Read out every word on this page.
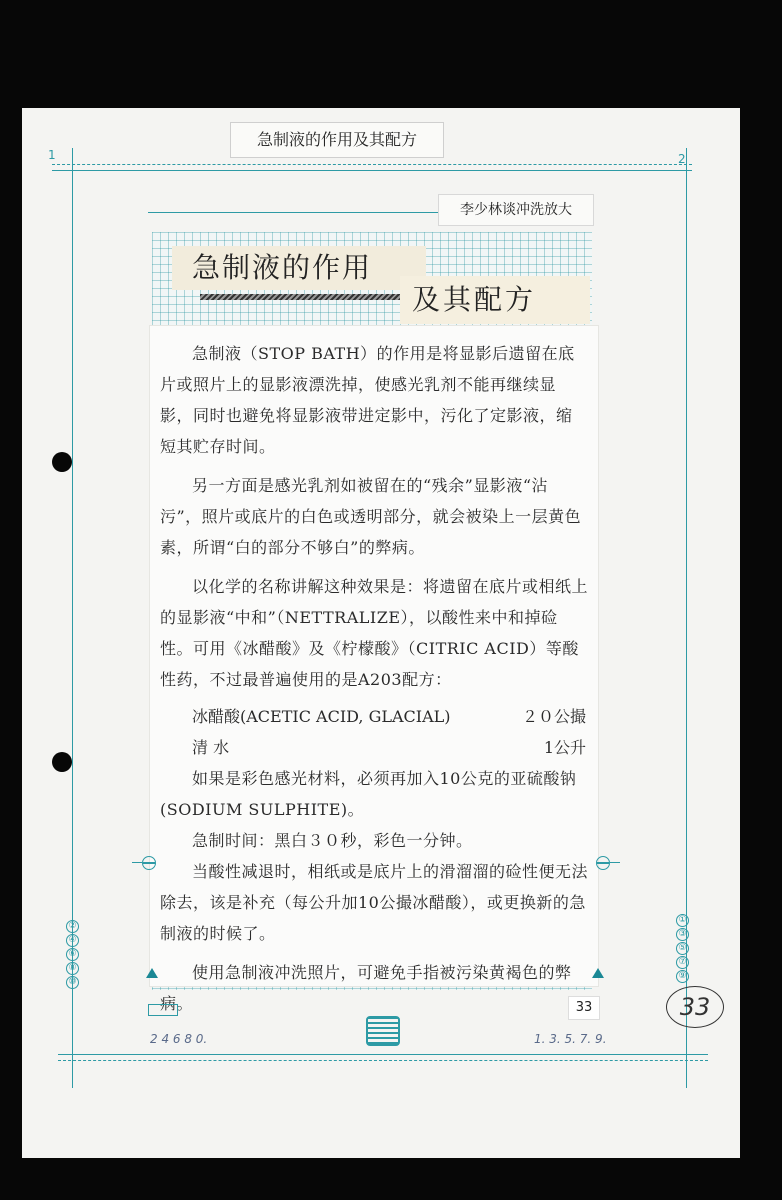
急制液的作用及其配方
1	2
李少林谈冲洗放大
急制液的作用
及其配方

急制液（STOP BATH）的作用是将显影后遗留在底片或照片上的显影液漂洗掉，使感光乳剂不能再继续显影，同时也避免将显影液带进定影中，污化了定影液，缩短其贮存时间。

另一方面是感光乳剂如被留在的“残余”显影液“沾污”，照片或底片的白色或透明部分，就会被染上一层黄色素，所谓“白的部分不够白”的弊病。

以化学的名称讲解这种效果是：将遗留在底片或相纸上的显影液“中和”（NETTRALIZE），以酸性来中和掉硷性。可用《冰醋酸》及《柠檬酸》（CITRIC ACID）等酸性药，不过最普遍使用的是A203配方：

冰醋酸(ACETIC ACID, GLACIAL)	２０公撮
清 水	1公升

如果是彩色感光材料，必须再加入10公克的亚硫酸钠(SODIUM SULPHITE)。

急制时间：黑白３０秒，彩色一分钟。

当酸性减退时，相纸或是底片上的滑溜溜的硷性便无法除去，该是补充（每公升加10公撮冰醋酸），或更换新的急制液的时候了。

使用急制液冲洗照片，可避免手指被污染黄褐色的弊病。

②
④
⑥
⑧
⑩
①
③
⑤
⑦
⑨
33	33
2 4 6 8 0.	1. 3. 5. 7. 9.
